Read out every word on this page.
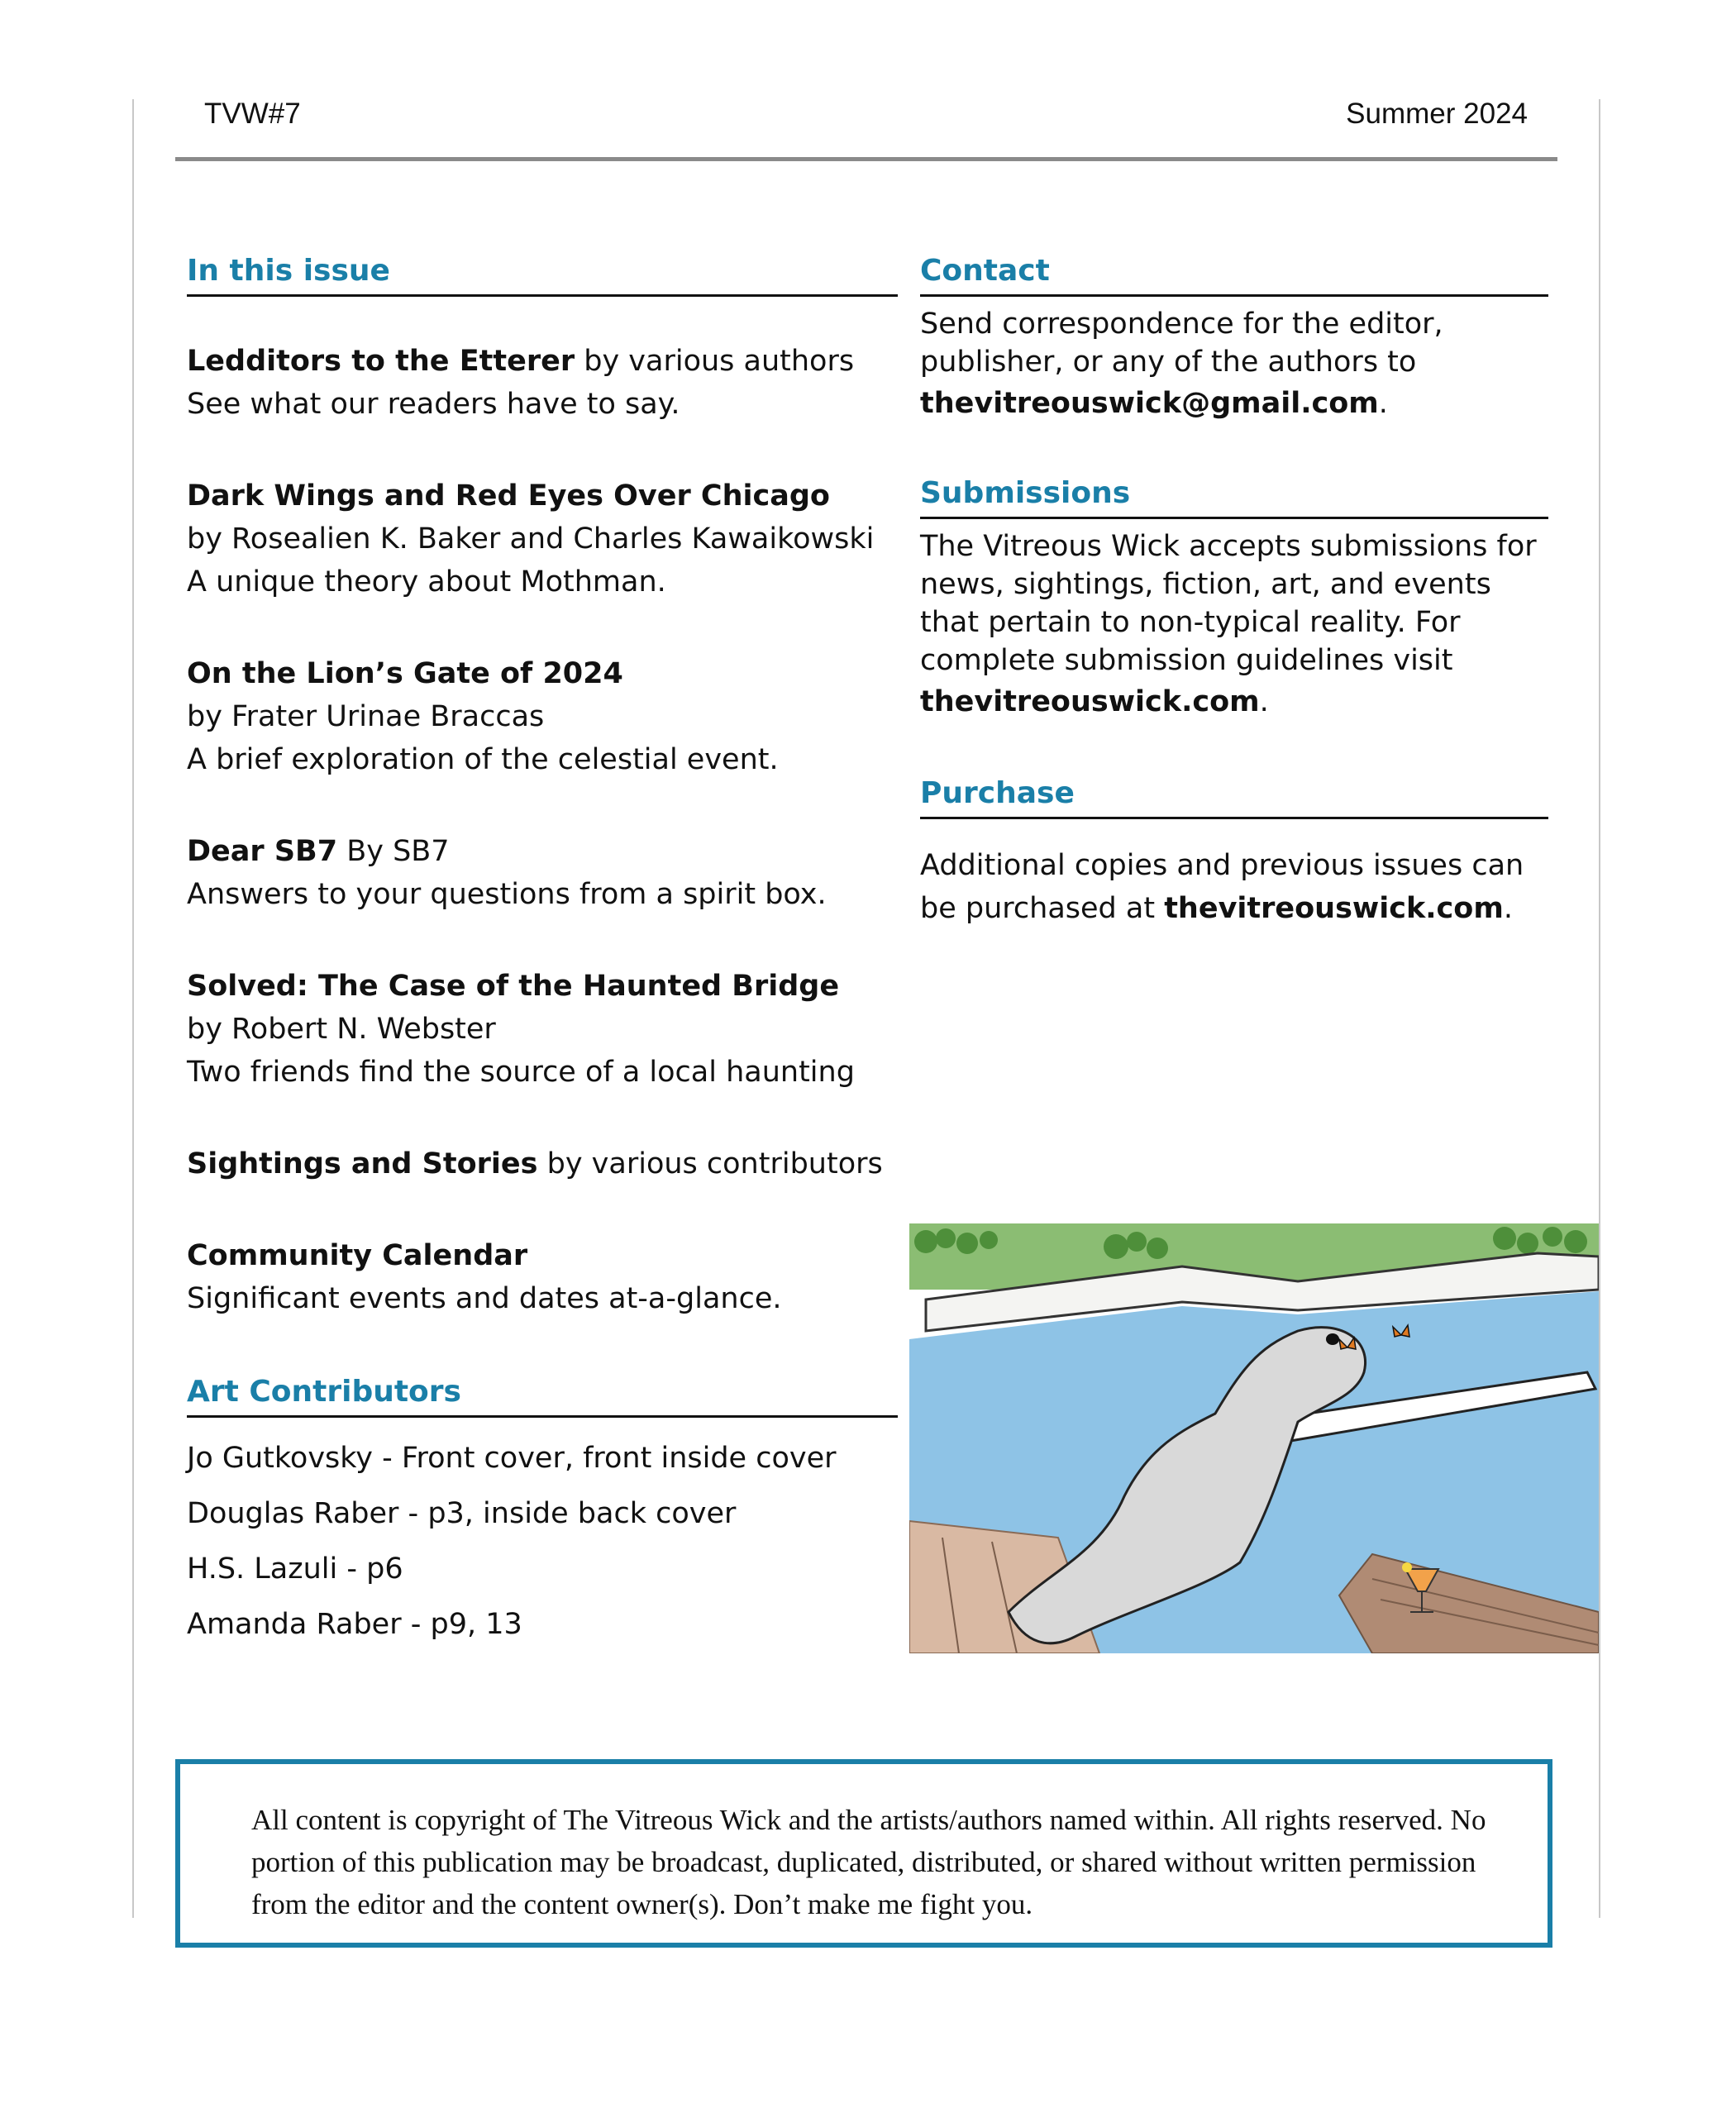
TVW#7	Summer 2024
In this issue
Ledditors to the Etterer by various authors
See what our readers have to say.
Dark Wings and Red Eyes Over Chicago
by Rosealien K. Baker and Charles Kawaikowski
A unique theory about Mothman.
On the Lion’s Gate of 2024
by Frater Urinae Braccas
A brief exploration of the celestial event.
Dear SB7 By SB7
Answers to your questions from a spirit box.
Solved: The Case of the Haunted Bridge
by Robert N. Webster
Two friends find the source of a local haunting
Sightings and Stories by various contributors
Community Calendar
Significant events and dates at-a-glance.
Art Contributors
Jo Gutkovsky - Front cover, front inside cover
Douglas Raber - p3, inside back cover
H.S. Lazuli - p6
Amanda Raber - p9, 13
Contact
Send correspondence for the editor, publisher, or any of the authors to
thevitreouswick@gmail.com.
Submissions
The Vitreous Wick accepts submissions for news, sightings, fiction, art, and events that pertain to non-typical reality. For complete submission guidelines visit
thevitreouswick.com.
Purchase
Additional copies and previous issues can be purchased at thevitreouswick.com.
All content is copyright of The Vitreous Wick and the artists/authors named within. All rights reserved. No portion of this publication may be broadcast, duplicated, distributed, or shared without written permission from the editor and the content owner(s). Don’t make me fight you.
